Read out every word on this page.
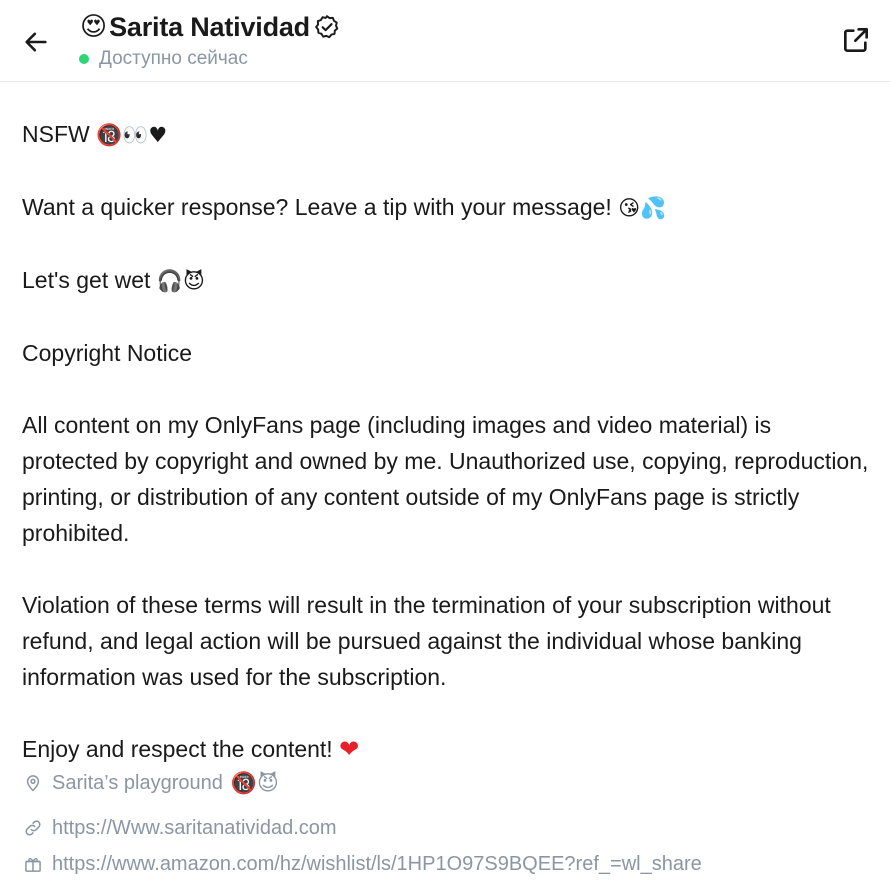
😍 Sarita Natividad
Доступно сейчас

NSFW 🔞👀♥

Want a quicker response? Leave a tip with your message! 😘💦

Let's get wet 🎧😈

Copyright Notice

All content on my OnlyFans page (including images and video material) is protected by copyright and owned by me. Unauthorized use, copying, reproduction, printing, or distribution of any content outside of my OnlyFans page is strictly prohibited.

Violation of these terms will result in the termination of your subscription without refund, and legal action will be pursued against the individual whose banking information was used for the subscription.

Enjoy and respect the content! ❤

Sarita’s playground 🔞😈
https://Www.saritanatividad.com
https://www.amazon.com/hz/wishlist/ls/1HP1O97S9BQEE?ref_=wl_share
